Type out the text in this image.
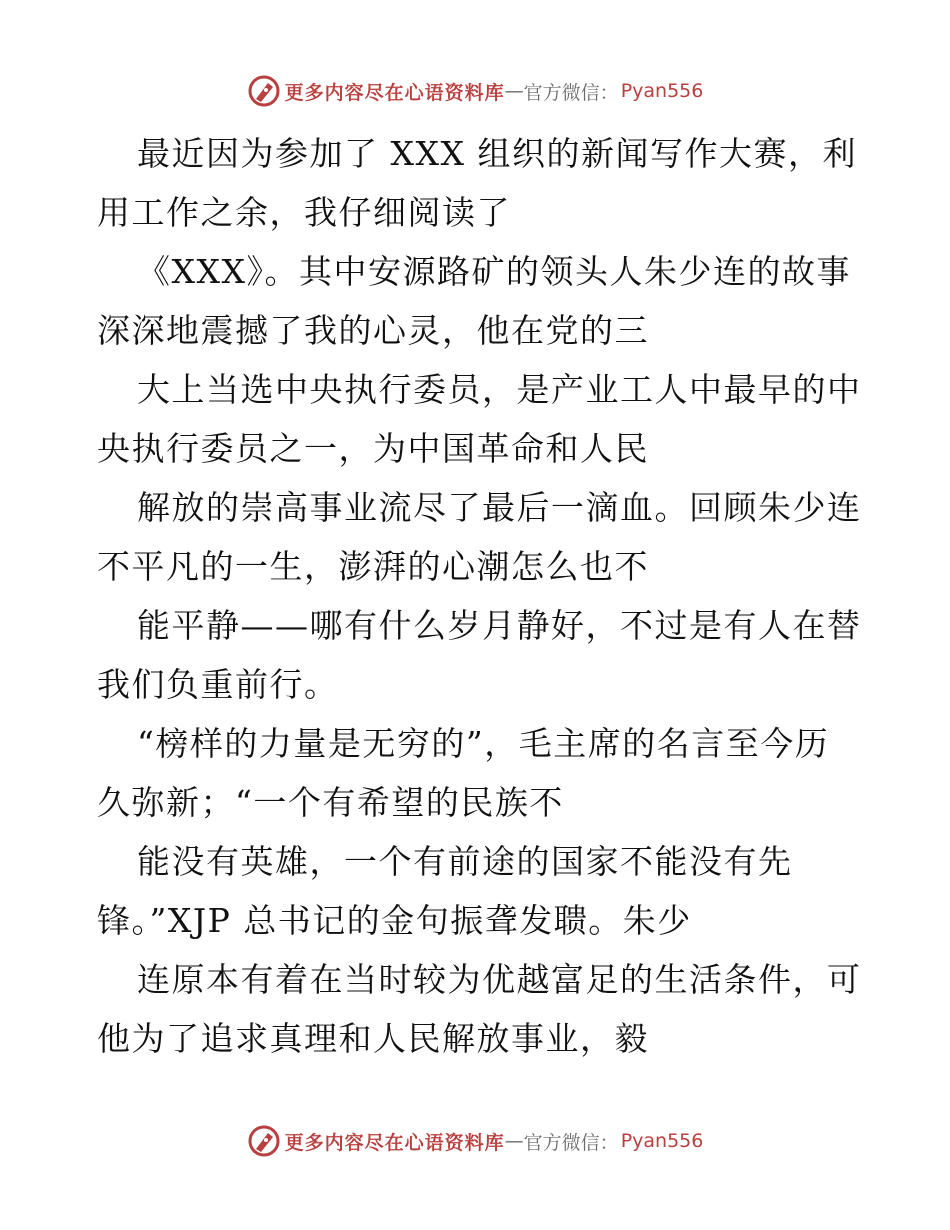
更多内容尽在心语资料库 — 官方微信： Pyan556
最近因为参加了 XXX 组织的新闻写作大赛，利
用工作之余，我仔细阅读了
《XXX》。其中安源路矿的领头人朱少连的故事
深深地震撼了我的心灵，他在党的三
大上当选中央执行委员，是产业工人中最早的中
央执行委员之一，为中国革命和人民
解放的崇高事业流尽了最后一滴血。回顾朱少连
不平凡的一生，澎湃的心潮怎么也不
能平静——哪有什么岁月静好，不过是有人在替
我们负重前行。
“榜样的力量是无穷的”，毛主席的名言至今历
久弥新；“一个有希望的民族不
能没有英雄，一个有前途的国家不能没有先
锋。”XJP 总书记的金句振聋发聩。朱少
连原本有着在当时较为优越富足的生活条件，可
他为了追求真理和人民解放事业，毅
更多内容尽在心语资料库 — 官方微信： Pyan556
